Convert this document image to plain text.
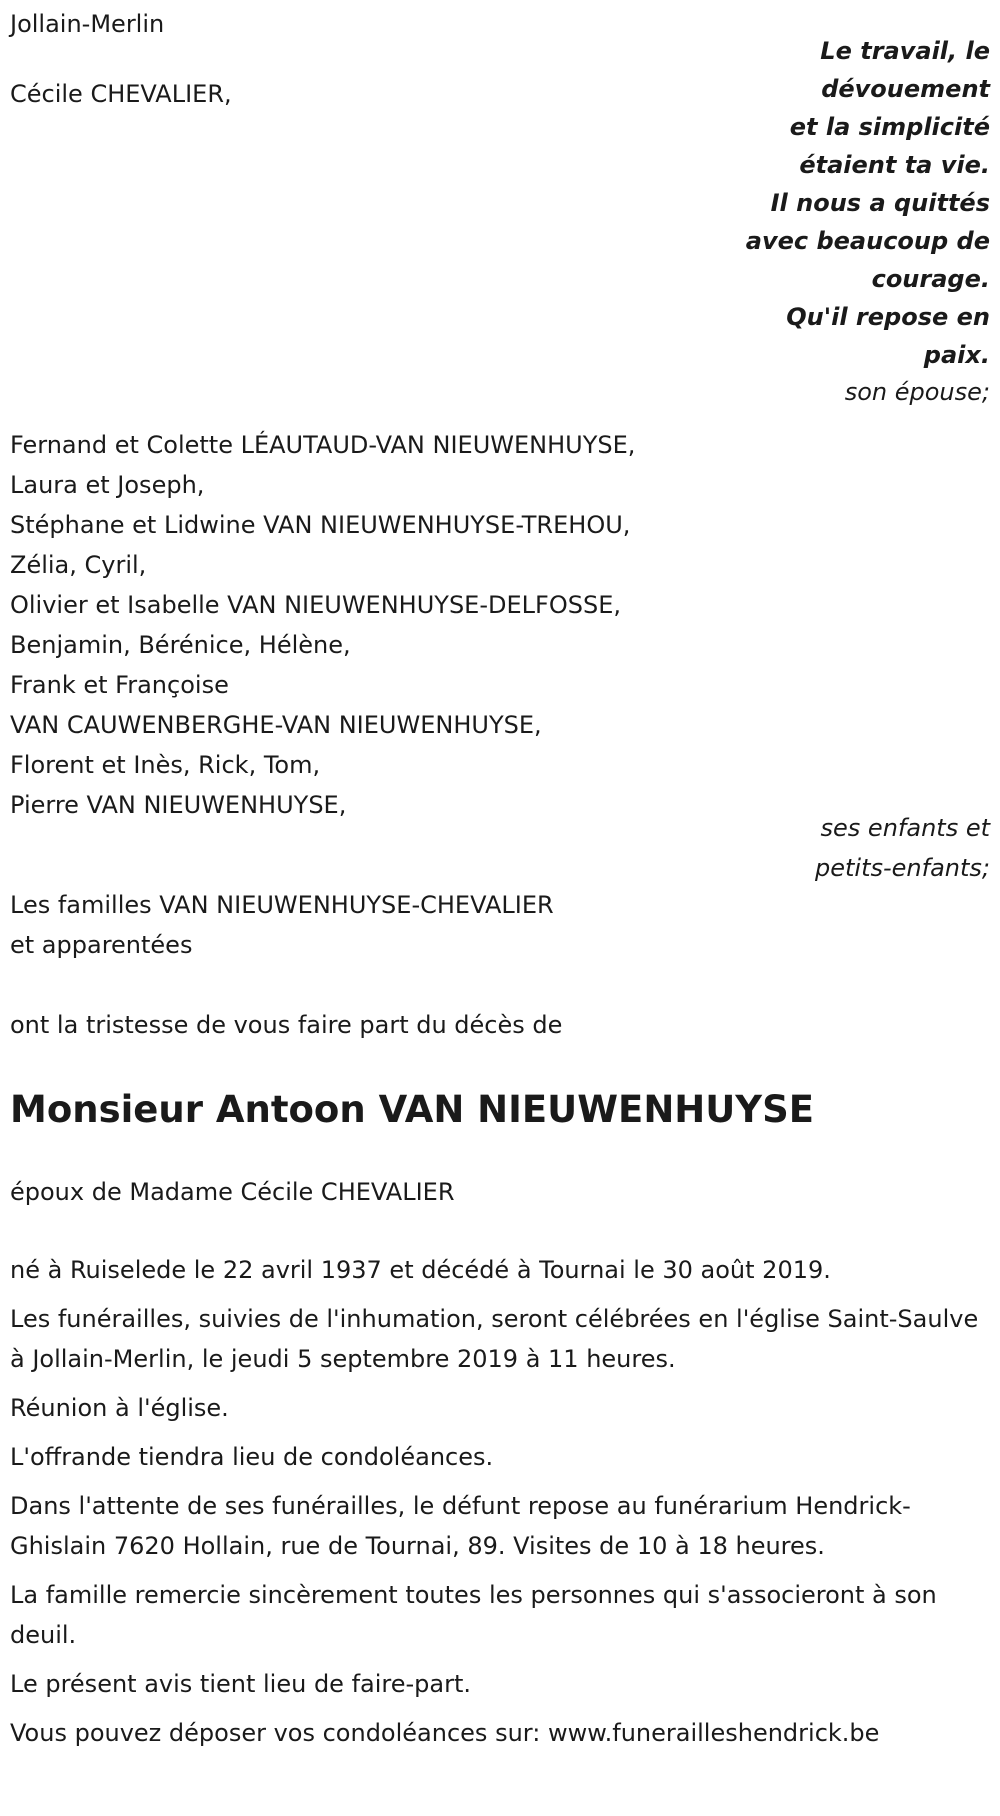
Jollain-Merlin
Cécile CHEVALIER,
Le travail, le
dévouement
et la simplicité
étaient ta vie.
Il nous a quittés
avec beaucoup de
courage.
Qu'il repose en
paix.
son épouse;
Fernand et Colette LÉAUTAUD-VAN NIEUWENHUYSE,
Laura et Joseph,
Stéphane et Lidwine VAN NIEUWENHUYSE-TREHOU,
Zélia, Cyril,
Olivier et Isabelle VAN NIEUWENHUYSE-DELFOSSE,
Benjamin, Bérénice, Hélène,
Frank et Françoise
VAN CAUWENBERGHE-VAN NIEUWENHUYSE,
Florent et Inès, Rick, Tom,
Pierre VAN NIEUWENHUYSE,
ses enfants et
petits-enfants;
Les familles VAN NIEUWENHUYSE-CHEVALIER
et apparentées
ont la tristesse de vous faire part du décès de
Monsieur Antoon VAN NIEUWENHUYSE
époux de Madame Cécile CHEVALIER

né à Ruiselede le 22 avril 1937 et décédé à Tournai le 30 août 2019.

Les funérailles, suivies de l'inhumation, seront célébrées en l'église Saint-Saulve à Jollain-Merlin, le jeudi 5 septembre 2019 à 11 heures.

Réunion à l'église.

L'offrande tiendra lieu de condoléances.

Dans l'attente de ses funérailles, le défunt repose au funérarium Hendrick-Ghislain 7620 Hollain, rue de Tournai, 89. Visites de 10 à 18 heures.

La famille remercie sincèrement toutes les personnes qui s'associeront à son deuil.

Le présent avis tient lieu de faire-part.

Vous pouvez déposer vos condoléances sur: www.funerailleshendrick.be
